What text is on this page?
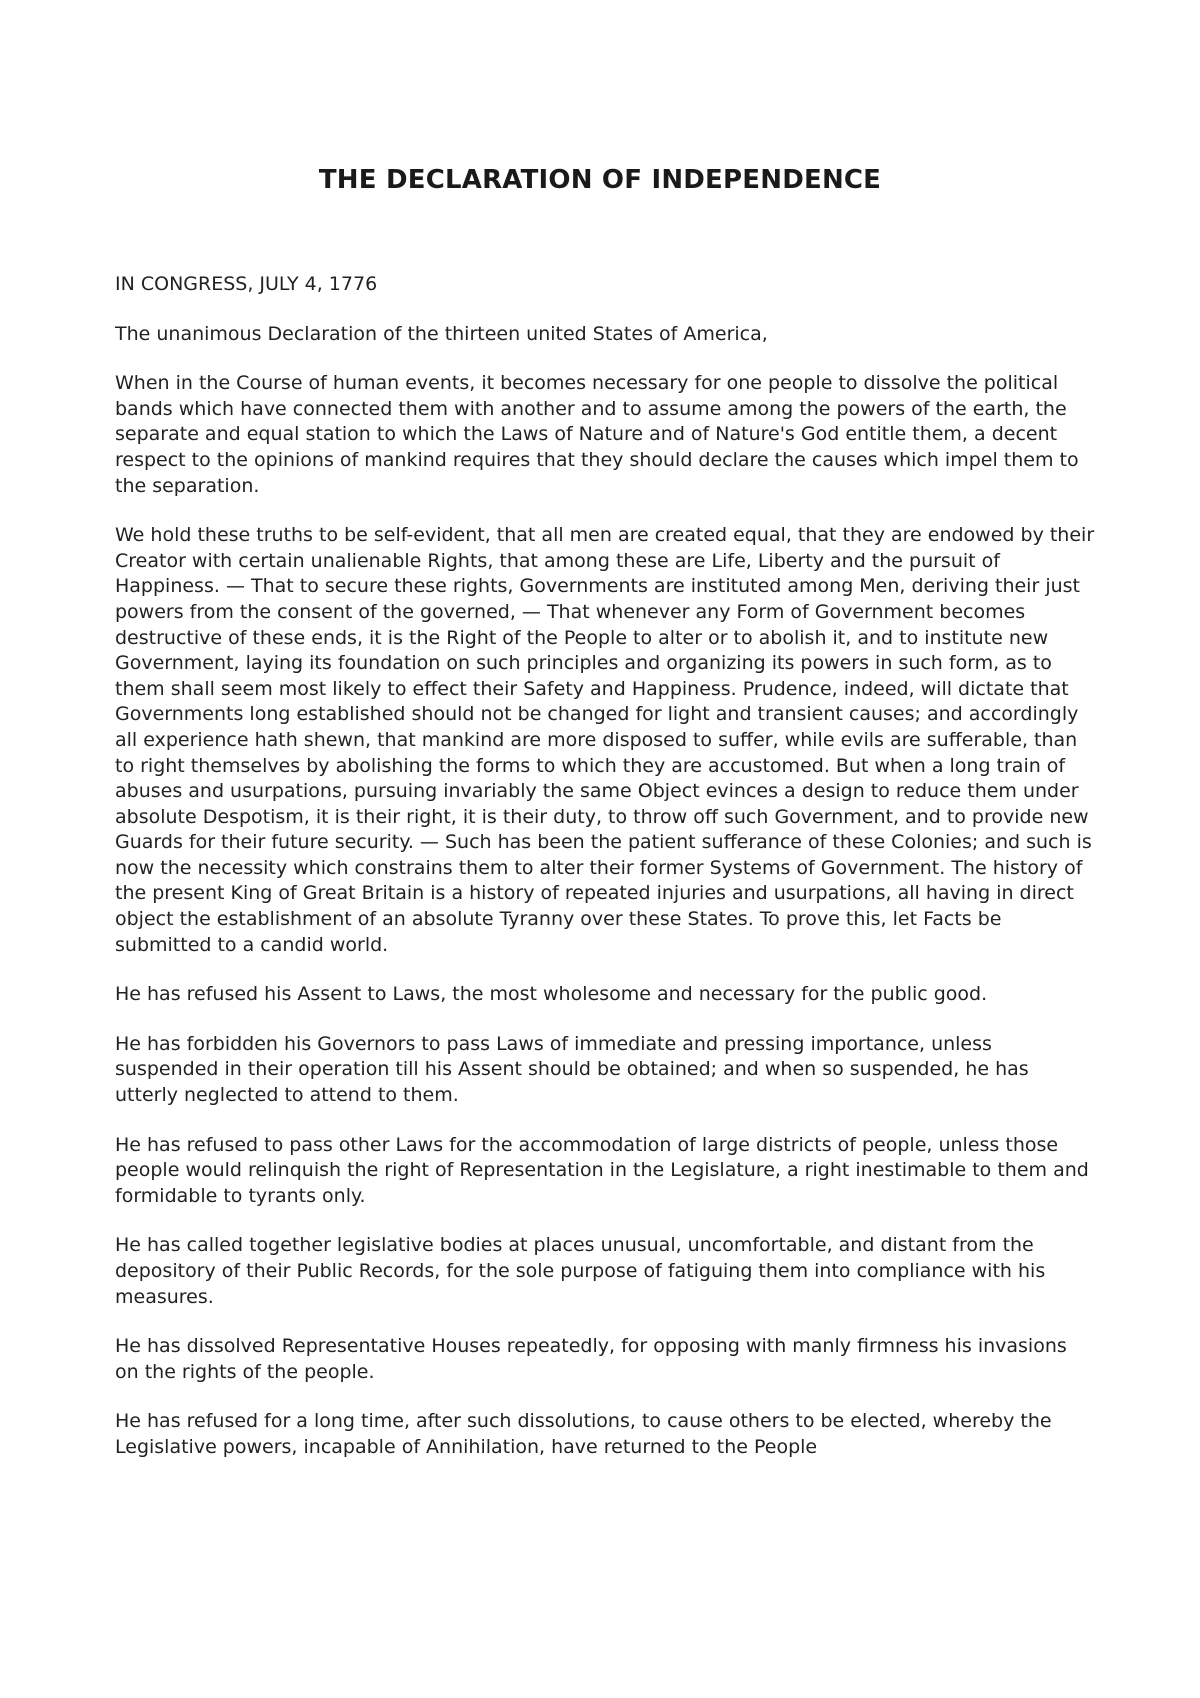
THE DECLARATION OF INDEPENDENCE

IN CONGRESS, JULY 4, 1776

The unanimous Declaration of the thirteen united States of America,

When in the Course of human events, it becomes necessary for one people to dissolve the political bands which have connected them with another and to assume among the powers of the earth, the separate and equal station to which the Laws of Nature and of Nature's God entitle them, a decent respect to the opinions of mankind requires that they should declare the causes which impel them to the separation.

We hold these truths to be self-evident, that all men are created equal, that they are endowed by their Creator with certain unalienable Rights, that among these are Life, Liberty and the pursuit of Happiness. — That to secure these rights, Governments are instituted among Men, deriving their just powers from the consent of the governed, — That whenever any Form of Government becomes destructive of these ends, it is the Right of the People to alter or to abolish it, and to institute new Government, laying its foundation on such principles and organizing its powers in such form, as to them shall seem most likely to effect their Safety and Happiness. Prudence, indeed, will dictate that Governments long established should not be changed for light and transient causes; and accordingly all experience hath shewn, that mankind are more disposed to suffer, while evils are sufferable, than to right themselves by abolishing the forms to which they are accustomed. But when a long train of abuses and usurpations, pursuing invariably the same Object evinces a design to reduce them under absolute Despotism, it is their right, it is their duty, to throw off such Government, and to provide new Guards for their future security. — Such has been the patient sufferance of these Colonies; and such is now the necessity which constrains them to alter their former Systems of Government. The history of the present King of Great Britain is a history of repeated injuries and usurpations, all having in direct object the establishment of an absolute Tyranny over these States. To prove this, let Facts be submitted to a candid world.

He has refused his Assent to Laws, the most wholesome and necessary for the public good.

He has forbidden his Governors to pass Laws of immediate and pressing importance, unless suspended in their operation till his Assent should be obtained; and when so suspended, he has utterly neglected to attend to them.

He has refused to pass other Laws for the accommodation of large districts of people, unless those people would relinquish the right of Representation in the Legislature, a right inestimable to them and formidable to tyrants only.

He has called together legislative bodies at places unusual, uncomfortable, and distant from the depository of their Public Records, for the sole purpose of fatiguing them into compliance with his measures.

He has dissolved Representative Houses repeatedly, for opposing with manly firmness his invasions on the rights of the people.

He has refused for a long time, after such dissolutions, to cause others to be elected, whereby the Legislative powers, incapable of Annihilation, have returned to the People
